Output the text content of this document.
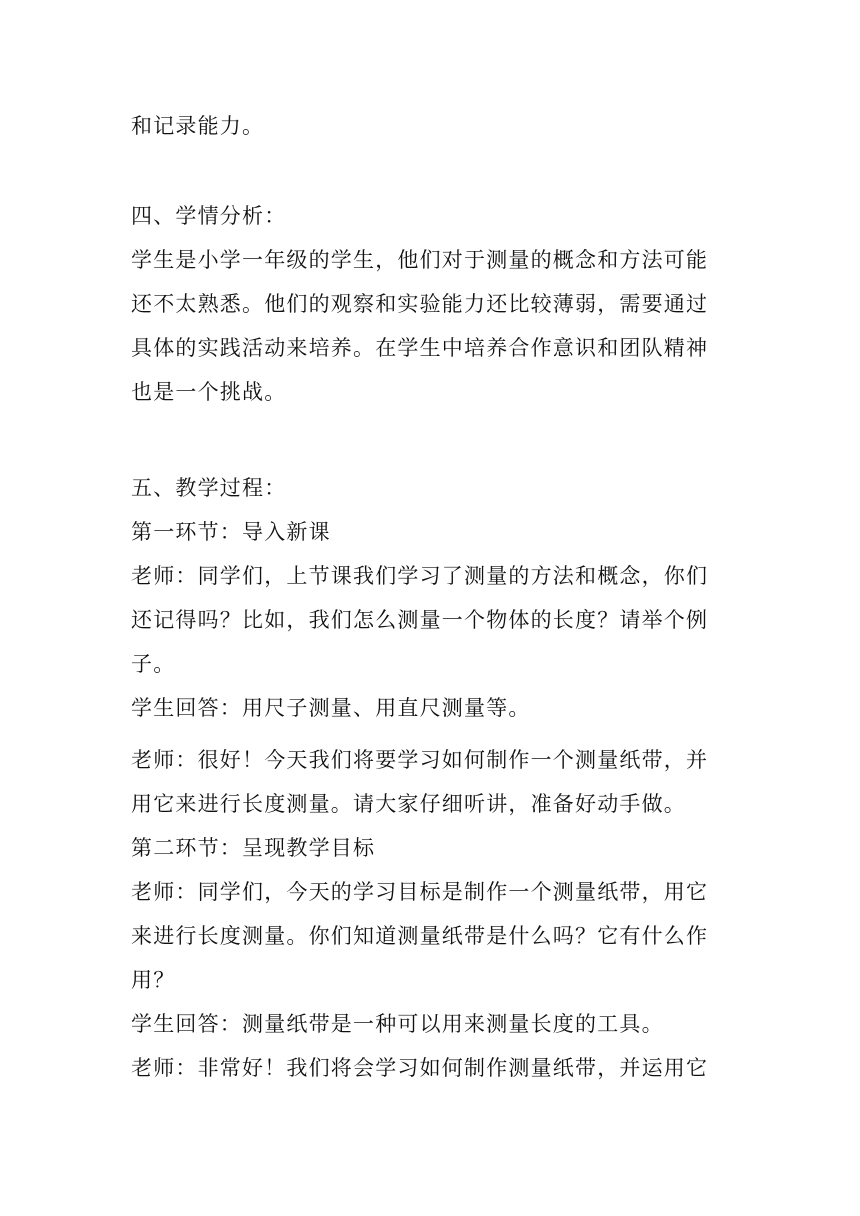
和记录能力。
四、学情分析：
学生是小学一年级的学生，他们对于测量的概念和方法可能
还不太熟悉。他们的观察和实验能力还比较薄弱，需要通过
具体的实践活动来培养。在学生中培养合作意识和团队精神
也是一个挑战。
五、教学过程：
第一环节：导入新课
老师：同学们，上节课我们学习了测量的方法和概念，你们
还记得吗？比如，我们怎么测量一个物体的长度？请举个例
子。
学生回答：用尺子测量、用直尺测量等。
老师：很好！今天我们将要学习如何制作一个测量纸带，并
用它来进行长度测量。请大家仔细听讲，准备好动手做。
第二环节：呈现教学目标
老师：同学们，今天的学习目标是制作一个测量纸带，用它
来进行长度测量。你们知道测量纸带是什么吗？它有什么作
用？
学生回答：测量纸带是一种可以用来测量长度的工具。
老师：非常好！我们将会学习如何制作测量纸带，并运用它
